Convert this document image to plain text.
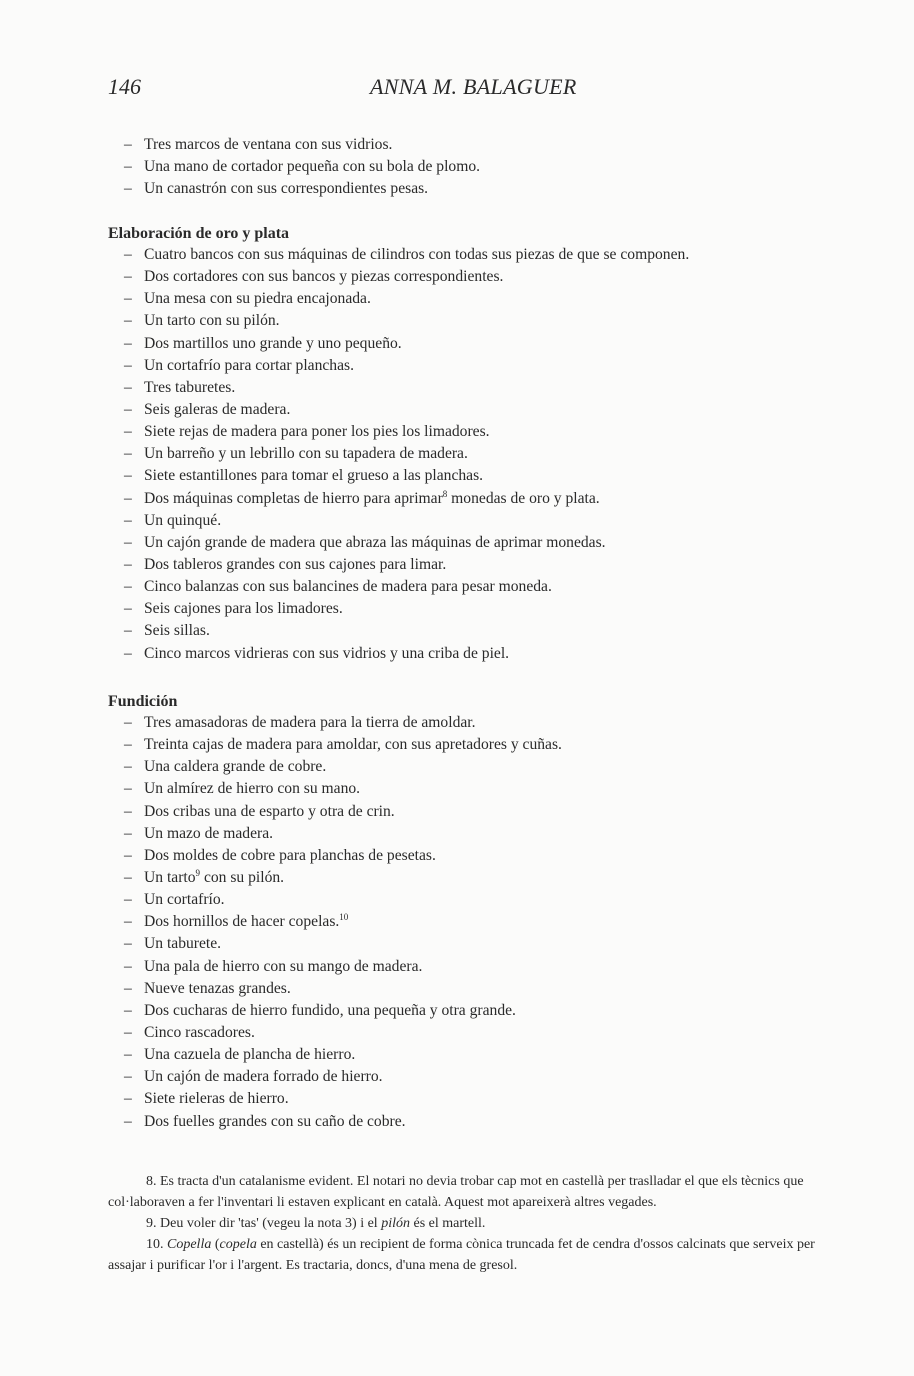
146	ANNA M. BALAGUER
– Tres marcos de ventana con sus vidrios.
– Una mano de cortador pequeña con su bola de plomo.
– Un canastrón con sus correspondientes pesas.
Elaboración de oro y plata
– Cuatro bancos con sus máquinas de cilindros con todas sus piezas de que se componen.
– Dos cortadores con sus bancos y piezas correspondientes.
– Una mesa con su piedra encajonada.
– Un tarto con su pilón.
– Dos martillos uno grande y uno pequeño.
– Un cortafrío para cortar planchas.
– Tres taburetes.
– Seis galeras de madera.
– Siete rejas de madera para poner los pies los limadores.
– Un barreño y un lebrillo con su tapadera de madera.
– Siete estantillones para tomar el grueso a las planchas.
– Dos máquinas completas de hierro para aprimar$^8$ monedas de oro y plata.
– Un quinqué.
– Un cajón grande de madera que abraza las máquinas de aprimar monedas.
– Dos tableros grandes con sus cajones para limar.
– Cinco balanzas con sus balancines de madera para pesar moneda.
– Seis cajones para los limadores.
– Seis sillas.
– Cinco marcos vidrieras con sus vidrios y una criba de piel.
Fundición
– Tres amasadoras de madera para la tierra de amoldar.
– Treinta cajas de madera para amoldar, con sus apretadores y cuñas.
– Una caldera grande de cobre.
– Un almírez de hierro con su mano.
– Dos cribas una de esparto y otra de crin.
– Un mazo de madera.
– Dos moldes de cobre para planchas de pesetas.
– Un tarto$^9$ con su pilón.
– Un cortafrío.
– Dos hornillos de hacer copelas.$^{10}$
– Un taburete.
– Una pala de hierro con su mango de madera.
– Nueve tenazas grandes.
– Dos cucharas de hierro fundido, una pequeña y otra grande.
– Cinco rascadores.
– Una cazuela de plancha de hierro.
– Un cajón de madera forrado de hierro.
– Siete rieleras de hierro.
– Dos fuelles grandes con su caño de cobre.

8. Es tracta d'un catalanisme evident. El notari no devia trobar cap mot en castellà per traslladar el que els tècnics que col·laboraven a fer l'inventari li estaven explicant en català. Aquest mot apareixerà altres vegades.

9. Deu voler dir 'tas' (vegeu la nota 3) i el pilón és el martell.

10. Copella (copela en castellà) és un recipient de forma cònica truncada fet de cendra d'ossos calcinats que serveix per assajar i purificar l'or i l'argent. Es tractaria, doncs, d'una mena de gresol.
